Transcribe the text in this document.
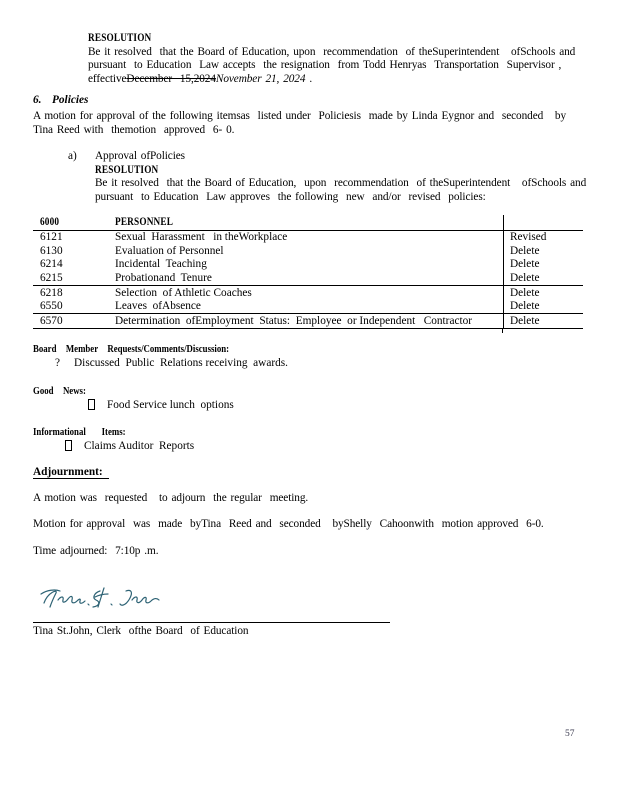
RESOLUTION
Be it resolved  that the Board of Education, upon  recommendation  of theSuperintendent   ofSchools and
pursuant  to Education  Law accepts  the resignation  from Todd Henryas  Transportation  Supervisor ,
effectiveDecember  15,2024November 21, 2024 .
6. Policies
A motion for approval of the following itemsas  listed under  Policiesis  made by Linda Eygnor and  seconded   by
Tina Reed with  themotion  approved  6- 0.
a)	Approval ofPolicies
RESOLUTION
Be it resolved  that the Board of Education,  upon  recommendation  of theSuperintendent   ofSchools and
pursuant  to Education  Law approves  the following  new  and/or  revised  policies:
6000	PERSONNEL
6121	Sexual  Harassment   in theWorkplace	Revised
6130	Evaluation of Personnel	Delete
6214	Incidental  Teaching	Delete
6215	Probationand  Tenure	Delete
6218	Selection  of Athletic Coaches	Delete
6550	Leaves  ofAbsence	Delete
6570	Determination  ofEmployment  Status:  Employee  or Independent   Contractor	Delete
Board Member Requests/Comments/Discussion:
? Discussed  Public  Relations receiving  awards.
Good News:
Food Service lunch  options
Informational Items:
Claims Auditor  Reports
Adjournment:
A motion was  requested   to adjourn  the regular  meeting.
Motion for approval  was  made  byTina  Reed and  seconded   byShelly  Cahoonwith  motion approved  6-0.
Time adjourned:  7:10p .m.
Tina St.John, Clerk  ofthe Board  of Education
57
